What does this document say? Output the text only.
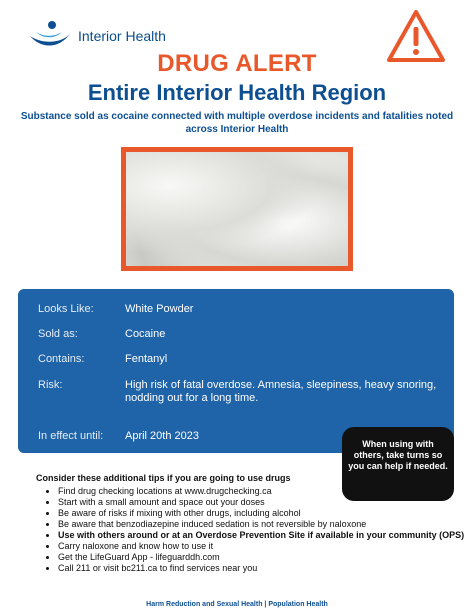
Interior Health
DRUG ALERT
Entire Interior Health Region
Substance sold as cocaine connected with multiple overdose incidents and fatalities noted across Interior Health
Looks Like:	White Powder
Sold as:	Cocaine
Contains:	Fentanyl
Risk:	High risk of fatal overdose. Amnesia, sleepiness, heavy snoring, nodding out for a long time.
In effect until:	April 20th 2023
When using with others, take turns so you can help if needed.
Consider these additional tips if you are going to use drugs
• Find drug checking locations at www.drugchecking.ca
• Start with a small amount and space out your doses
• Be aware of risks if mixing with other drugs, including alcohol
• Be aware that benzodiazepine induced sedation is not reversible by naloxone
• Use with others around or at an Overdose Prevention Site if available in your community (OPS)
• Carry naloxone and know how to use it
• Get the LifeGuard App - lifeguarddh.com
• Call 211 or visit bc211.ca to find services near you
Harm Reduction and Sexual Health | Population Health
